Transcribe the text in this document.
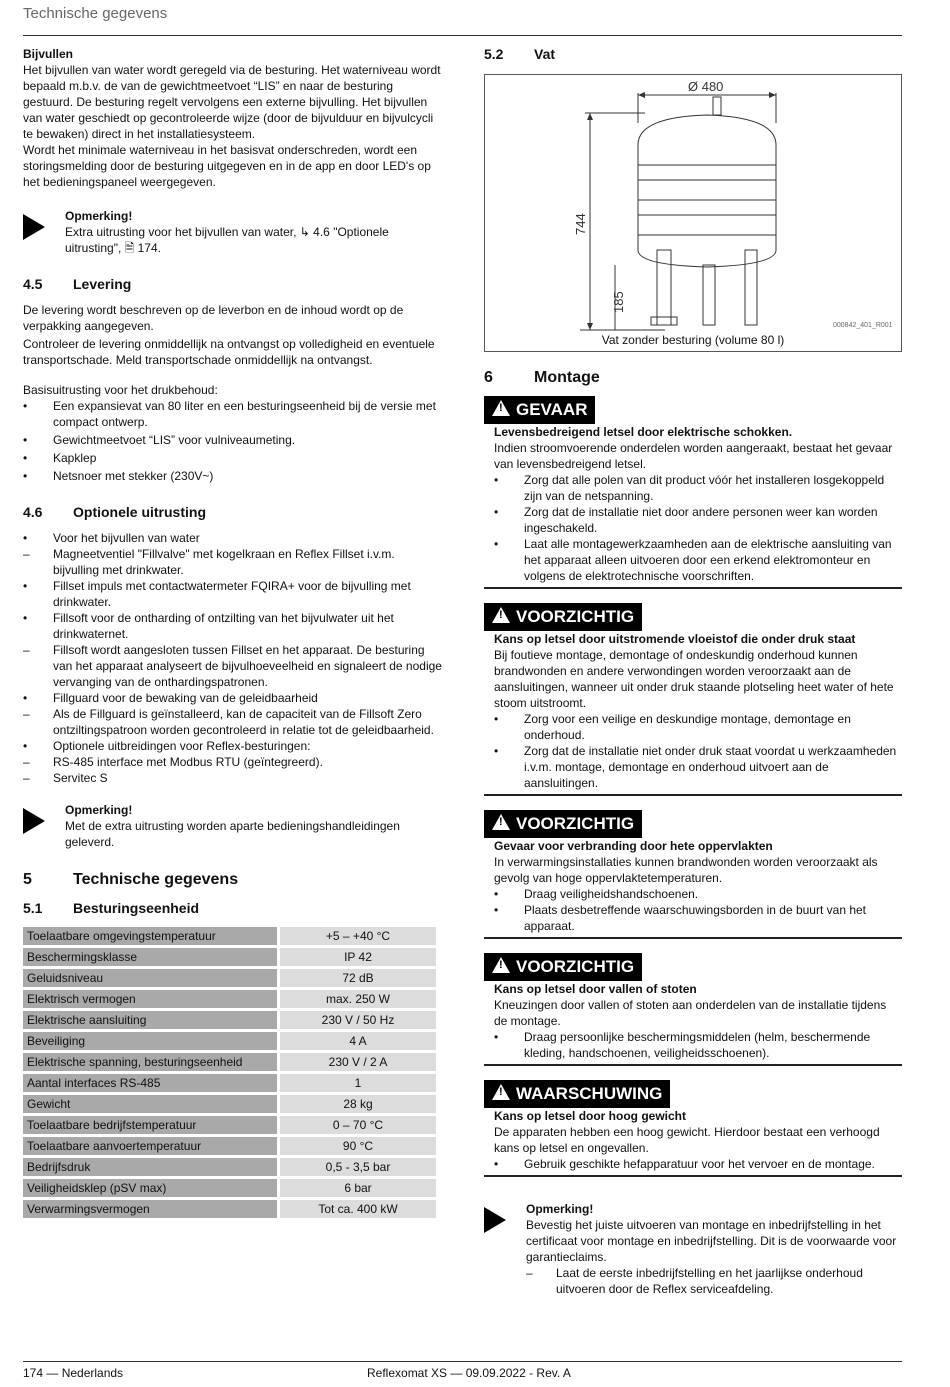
Technische gegevens

Bijvullen

Het bijvullen van water wordt geregeld via de besturing. Het waterniveau wordt bepaald m.b.v. de van de gewichtmeetvoet “LIS” en naar de besturing gestuurd. De besturing regelt vervolgens een externe bijvulling. Het bijvullen van water geschiedt op gecontroleerde wijze (door de bijvulduur en bijvulcycli te bewaken) direct in het installatiesysteem.

Wordt het minimale waterniveau in het basisvat onderschreden, wordt een storingsmelding door de besturing uitgegeven en in de app en door LED's op het bedieningspaneel weergegeven.

Opmerking!

Extra uitrusting voor het bijvullen van water, ↳ 4.6 "Optionele uitrusting", 🗎 174.

4.5	Levering

De levering wordt beschreven op de leverbon en de inhoud wordt op de verpakking aangegeven.

Controleer de levering onmiddellijk na ontvangst op volledigheid en eventuele transportschade. Meld transportschade onmiddellijk na ontvangst.

Basisuitrusting voor het drukbehoud:

• Een expansievat van 80 liter en een besturingseenheid bij de versie met compact ontwerp.
• Gewichtmeetvoet “LIS” voor vulniveaumeting.
• Kapklep
• Netsnoer met stekker (230V~)
4.6	Optionele uitrusting
• Voor het bijvullen van water
– Magneetventiel "Fillvalve" met kogelkraan en Reflex Fillset i.v.m. bijvulling met drinkwater.
• Fillset impuls met contactwatermeter FQIRA+ voor de bijvulling met drinkwater.
• Fillsoft voor de ontharding of ontzilting van het bijvulwater uit het drinkwaternet.
– Fillsoft wordt aangesloten tussen Fillset en het apparaat. De besturing van het apparaat analyseert de bijvulhoeveelheid en signaleert de nodige vervanging van de onthardingspatronen.
• Fillguard voor de bewaking van de geleidbaarheid
– Als de Fillguard is geïnstalleerd, kan de capaciteit van de Fillsoft Zero ontziltingspatroon worden gecontroleerd in relatie tot de geleidbaarheid.
• Optionele uitbreidingen voor Reflex-besturingen:
– RS-485 interface met Modbus RTU (geïntegreerd).
– Servitec S

Opmerking!

Met de extra uitrusting worden aparte bedieningshandleidingen geleverd.

5	Technische gegevens
5.1	Besturingseenheid
Toelaatbare omgevingstemperatuur	+5 – +40 °C
Beschermingsklasse	IP 42
Geluidsniveau	72 dB
Elektrisch vermogen	max. 250 W
Elektrische aansluiting	230 V / 50 Hz
Beveiliging	4 A
Elektrische spanning, besturingseenheid	230 V / 2 A
Aantal interfaces RS-485	1
Gewicht	28 kg
Toelaatbare bedrijfstemperatuur	0 – 70 °C
Toelaatbare aanvoertemperatuur	90 °C
Bedrijfsdruk	0,5 - 3,5 bar
Veiligheidsklep (pSV max)	6 bar
Verwarmingsvermogen	Tot ca. 400 kW
5.2	Vat
Ø 480
744
185
000842_401_R001
Vat zonder besturing (volume 80 l)
6	Montage
! GEVAAR

Levensbedreigend letsel door elektrische schokken.

Indien stroomvoerende onderdelen worden aangeraakt, bestaat het gevaar van levensbedreigend letsel.

• Zorg dat alle polen van dit product vóór het installeren losgekoppeld zijn van de netspanning.
• Zorg dat de installatie niet door andere personen weer kan worden ingeschakeld.
• Laat alle montagewerkzaamheden aan de elektrische aansluiting van het apparaat alleen uitvoeren door een erkend elektromonteur en volgens de elektrotechnische voorschriften.
! VOORZICHTIG

Kans op letsel door uitstromende vloeistof die onder druk staat

Bij foutieve montage, demontage of ondeskundig onderhoud kunnen brandwonden en andere verwondingen worden veroorzaakt aan de aansluitingen, wanneer uit onder druk staande plotseling heet water of hete stoom uitstroomt.

• Zorg voor een veilige en deskundige montage, demontage en onderhoud.
• Zorg dat de installatie niet onder druk staat voordat u werkzaamheden i.v.m. montage, demontage en onderhoud uitvoert aan de aansluitingen.
! VOORZICHTIG

Gevaar voor verbranding door hete oppervlakten

In verwarmingsinstallaties kunnen brandwonden worden veroorzaakt als gevolg van hoge oppervlaktetemperaturen.

• Draag veiligheidshandschoenen.
• Plaats desbetreffende waarschuwingsborden in de buurt van het apparaat.
! VOORZICHTIG

Kans op letsel door vallen of stoten

Kneuzingen door vallen of stoten aan onderdelen van de installatie tijdens de montage.

• Draag persoonlijke beschermingsmiddelen (helm, beschermende kleding, handschoenen, veiligheidsschoenen).
! WAARSCHUWING

Kans op letsel door hoog gewicht

De apparaten hebben een hoog gewicht. Hierdoor bestaat een verhoogd kans op letsel en ongevallen.

• Gebruik geschikte hefapparatuur voor het vervoer en de montage.

Opmerking!

Bevestig het juiste uitvoeren van montage en inbedrijfstelling in het certificaat voor montage en inbedrijfstelling. Dit is de voorwaarde voor garantieclaims.

– Laat de eerste inbedrijfstelling en het jaarlijkse onderhoud uitvoeren door de Reflex serviceafdeling.
174 — Nederlands	Reflexomat XS — 09.09.2022 - Rev. A
